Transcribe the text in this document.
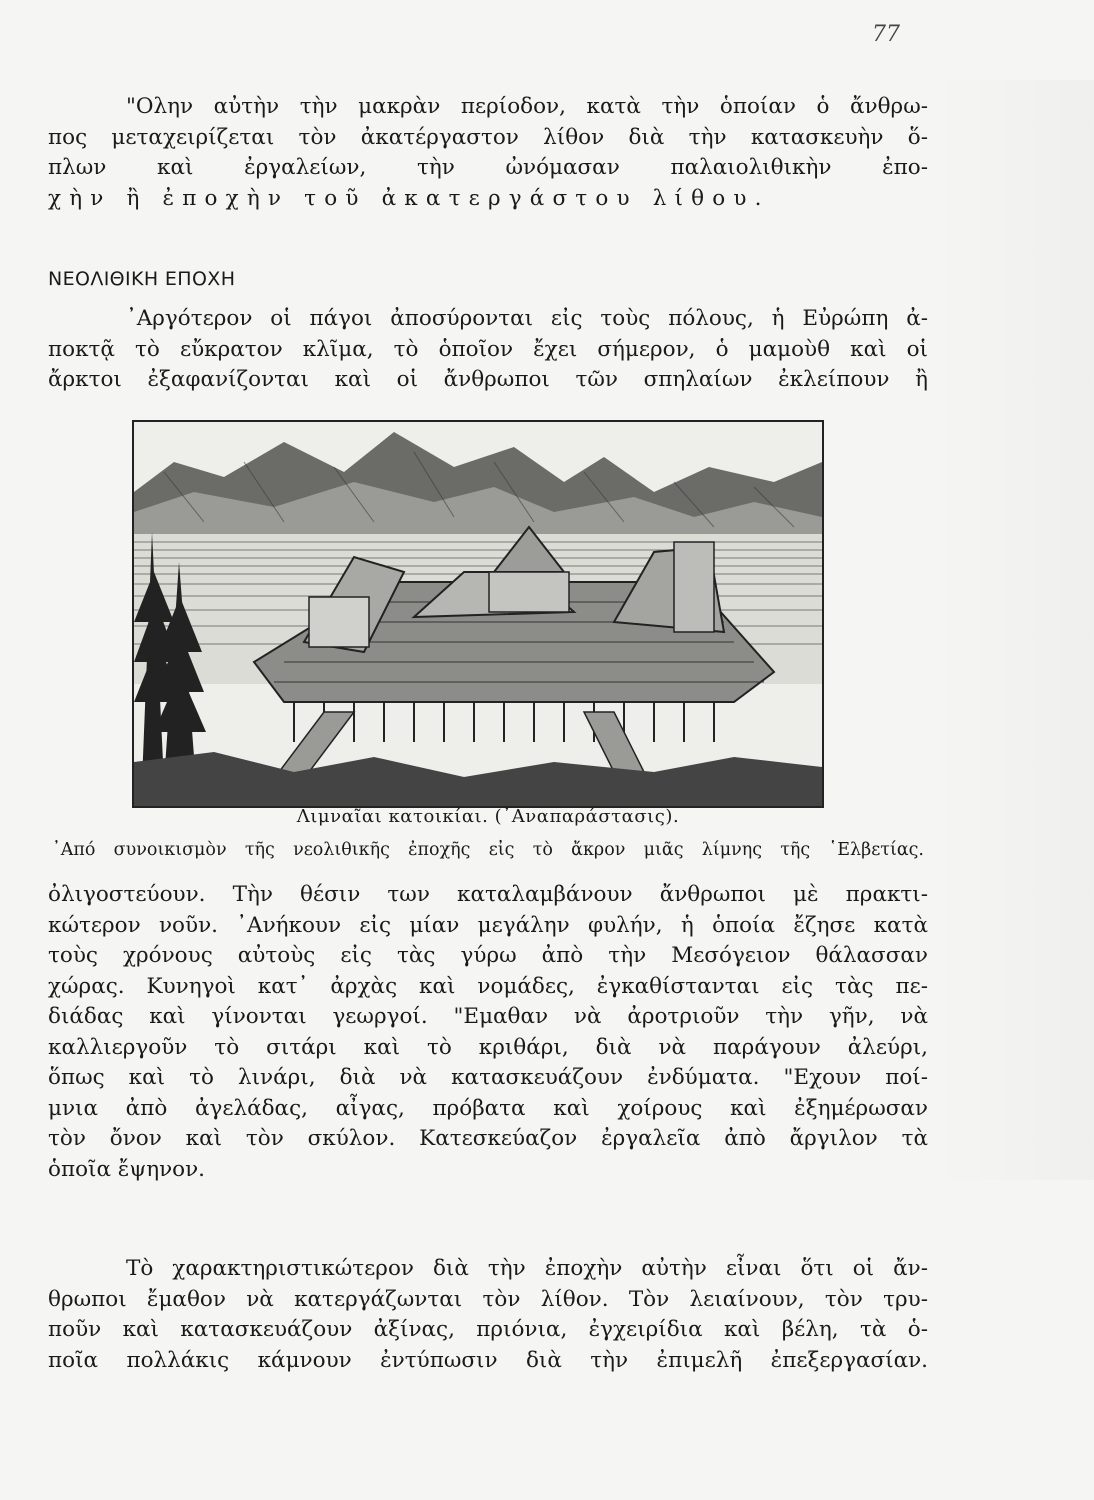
77
"Ολην αὐτὴν τὴν μακρὰν περίοδον, κατὰ τὴν ὁποίαν ὁ ἄνθρω-
πος μεταχειρίζεται τὸν ἀκατέργαστον λίθον διὰ τὴν κατασκευὴν ὅ-
πλων καὶ ἐργαλείων, τὴν ὠνόμασαν παλαιολιθικὴν ἐπο-
χὴν ἢ ἐποχὴν τοῦ ἀκατεργάστου λίθου.
ΝΕΟΛΙΘΙΚΗ ΕΠΟΧΗ
᾿Αργότερον οἱ πάγοι ἀποσύρονται εἰς τοὺς πόλους, ἡ Εὐρώπη ἀ-
ποκτᾷ τὸ εὔκρατον κλῖμα, τὸ ὁποῖον ἔχει σήμερον, ὁ μαμοὺθ καὶ οἱ
ἄρκτοι ἐξαφανίζονται καὶ οἱ ἄνθρωποι τῶν σπηλαίων ἐκλείπουν ἢ
Λιμναῖαι κατοικίαι. (᾿Αναπαράστασις).
᾿Από συνοικισμὸν τῆς νεολιθικῆς ἐποχῆς εἰς τὸ ἄκρον μιᾶς λίμνης τῆς ῾Ελβετίας.
ὀλιγοστεύουν. Τὴν θέσιν των καταλαμβάνουν ἄνθρωποι μὲ πρακτι-
κώτερον νοῦν. ᾿Ανήκουν εἰς μίαν μεγάλην φυλήν, ἡ ὁποία ἔζησε κατὰ
τοὺς χρόνους αὐτοὺς εἰς τὰς γύρω ἀπὸ τὴν Μεσόγειον θάλασσαν
χώρας. Κυνηγοὶ κατ᾿ ἀρχὰς καὶ νομάδες, ἐγκαθίστανται εἰς τὰς πε-
διάδας καὶ γίνονται γεωργοί. "Εμαθαν νὰ ἀροτριοῦν τὴν γῆν, νὰ
καλλιεργοῦν τὸ σιτάρι καὶ τὸ κριθάρι, διὰ νὰ παράγουν ἀλεύρι,
ὅπως καὶ τὸ λινάρι, διὰ νὰ κατασκευάζουν ἐνδύματα. "Εχουν ποί-
μνια ἀπὸ ἀγελάδας, αἶγας, πρόβατα καὶ χοίρους καὶ ἐξημέρωσαν
τὸν ὄνον καὶ τὸν σκύλον. Κατεσκεύαζον ἐργαλεῖα ἀπὸ ἄργιλον τὰ
ὁποῖα ἔψηνον.
Τὸ χαρακτηριστικώτερον διὰ τὴν ἐποχὴν αὐτὴν εἶναι ὅτι οἱ ἄν-
θρωποι ἔμαθον νὰ κατεργάζωνται τὸν λίθον. Τὸν λειαίνουν, τὸν τρυ-
ποῦν καὶ κατασκευάζουν ἀξίνας, πριόνια, ἐγχειρίδια καὶ βέλη, τὰ ὁ-
ποῖα πολλάκις κάμνουν ἐντύπωσιν διὰ τὴν ἐπιμελῆ ἐπεξεργασίαν.
